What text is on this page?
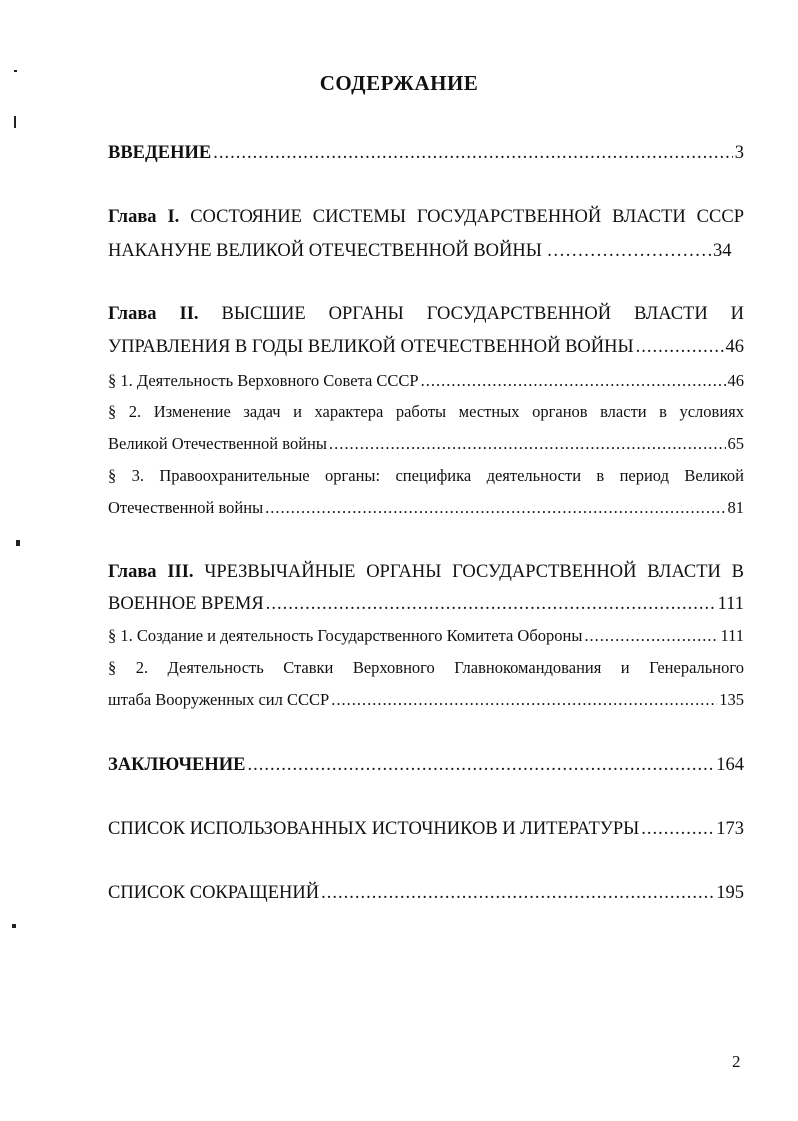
СОДЕРЖАНИЕ
ВВЕДЕНИЕ .....	3
Глава I. СОСТОЯНИЕ СИСТЕМЫ ГОСУДАРСТВЕННОЙ ВЛАСТИ СССР
НАКАНУНЕ ВЕЛИКОЙ ОТЕЧЕСТВЕННОЙ ВОЙНЫ ………………………34
Глава II. ВЫСШИЕ ОРГАНЫ ГОСУДАРСТВЕННОЙ ВЛАСТИ И
УПРАВЛЕНИЯ В ГОДЫ ВЕЛИКОЙ ОТЕЧЕСТВЕННОЙ ВОЙНЫ .....	46
§ 1. Деятельность Верховного Совета СССР .....	46
§ 2. Изменение задач и характера работы местных органов власти в условиях
Великой Отечественной войны .....	65
§ 3. Правоохранительные органы: специфика деятельности в период Великой
Отечественной войны .....	81
Глава III. ЧРЕЗВЫЧАЙНЫЕ ОРГАНЫ ГОСУДАРСТВЕННОЙ ВЛАСТИ В
ВОЕННОЕ ВРЕМЯ .....	111
§ 1. Создание и деятельность Государственного Комитета Обороны .....	111
§ 2. Деятельность Ставки Верховного Главнокомандования и Генерального
штаба Вооруженных сил СССР .....	135
ЗАКЛЮЧЕНИЕ .....	164
СПИСОК ИСПОЛЬЗОВАННЫХ ИСТОЧНИКОВ И ЛИТЕРАТУРЫ .....	173
СПИСОК СОКРАЩЕНИЙ .....	195
2
